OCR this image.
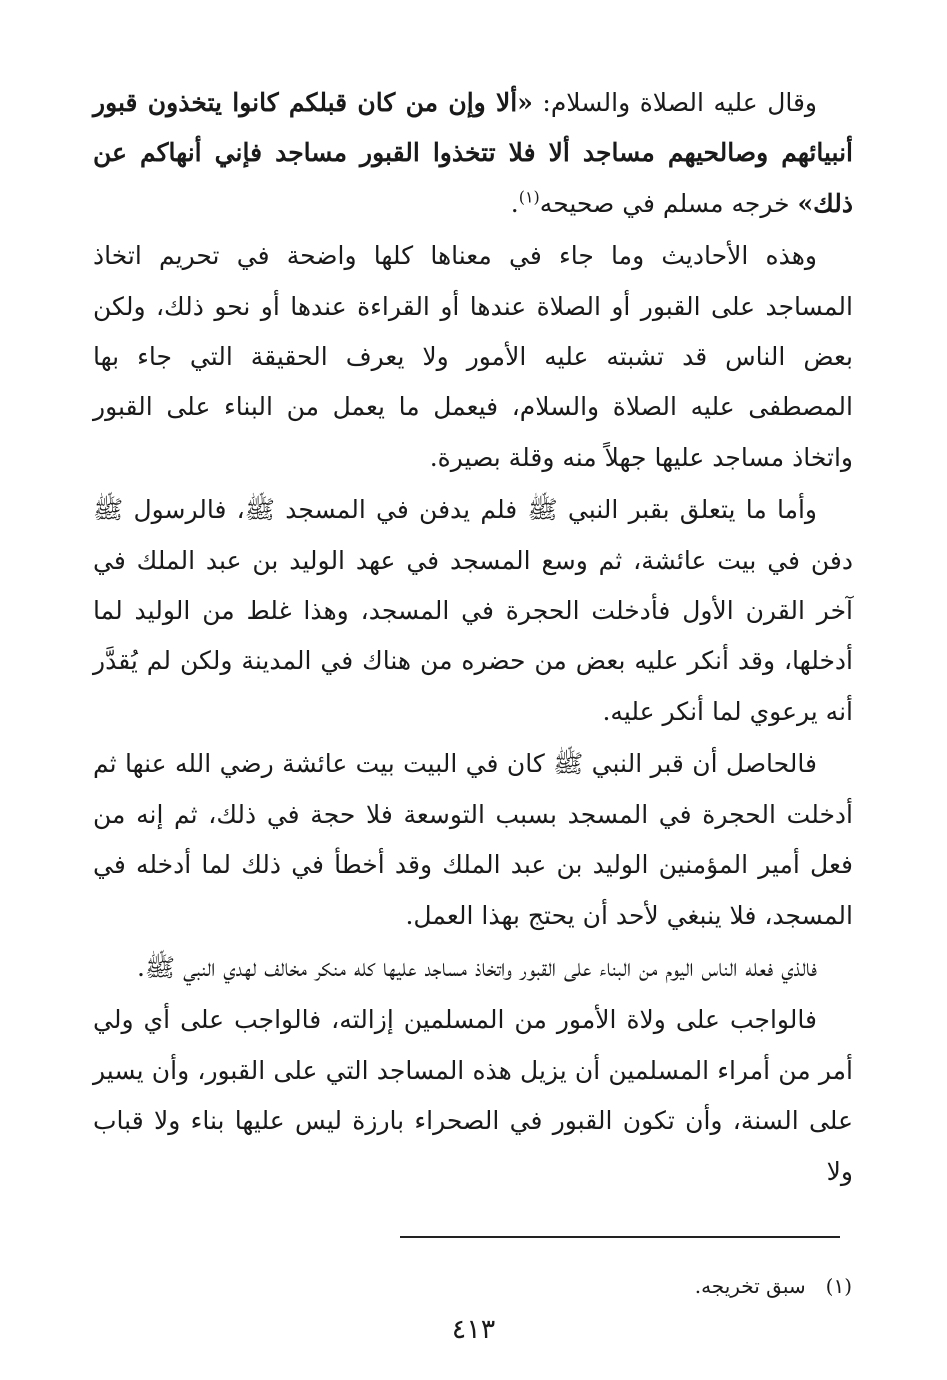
وقال عليه الصلاة والسلام: «ألا وإن من كان قبلكم كانوا يتخذون قبور أنبيائهم وصالحيهم مساجد ألا فلا تتخذوا القبور مساجد فإني أنهاكم عن ذلك» خرجه مسلم في صحيحه$^{(١)}$.

وهذه الأحاديث وما جاء في معناها كلها واضحة في تحريم اتخاذ المساجد على القبور أو الصلاة عندها أو القراءة عندها أو نحو ذلك، ولكن بعض الناس قد تشبته عليه الأمور ولا يعرف الحقيقة التي جاء بها المصطفى عليه الصلاة والسلام، فيعمل ما يعمل من البناء على القبور واتخاذ مساجد عليها جهلاً منه وقلة بصيرة.

وأما ما يتعلق بقبر النبي ﷺ فلم يدفن في المسجد ﷺ، فالرسول ﷺ دفن في بيت عائشة، ثم وسع المسجد في عهد الوليد بن عبد الملك في آخر القرن الأول فأدخلت الحجرة في المسجد، وهذا غلط من الوليد لما أدخلها، وقد أنكر عليه بعض من حضره من هناك في المدينة ولكن لم يُقدَّر أنه يرعوي لما أنكر عليه.

فالحاصل أن قبر النبي ﷺ كان في البيت بيت عائشة رضي الله عنها ثم أدخلت الحجرة في المسجد بسبب التوسعة فلا حجة في ذلك، ثم إنه من فعل أمير المؤمنين الوليد بن عبد الملك وقد أخطأ في ذلك لما أدخله في المسجد، فلا ينبغي لأحد أن يحتج بهذا العمل.

فالذي فعله الناس اليوم من البناء على القبور واتخاذ مساجد عليها كله منكر مخالف لهدي النبي ﷺ.

فالواجب على ولاة الأمور من المسلمين إزالته، فالواجب على أي ولي أمر من أمراء المسلمين أن يزيل هذه المساجد التي على القبور، وأن يسير على السنة، وأن تكون القبور في الصحراء بارزة ليس عليها بناء ولا قباب ولا

(١)سبق تخريجه.
٤١٣
